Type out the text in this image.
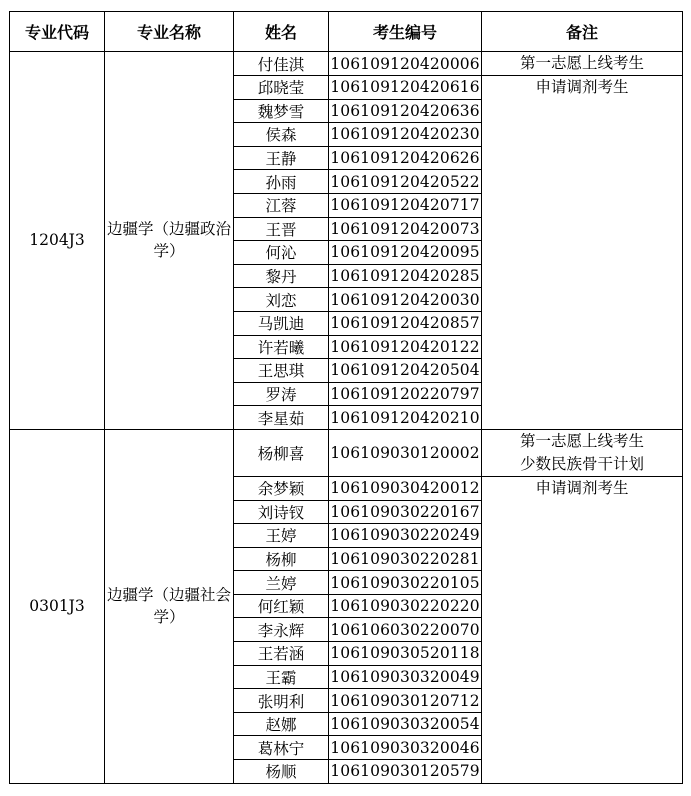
专业代码	专业名称	姓名	考生编号	备注
1204J3	边疆学（边疆政治学）	付佳淇	106109120420006	第一志愿上线考生
		邱晓莹	106109120420616	申请调剂考生
		魏梦雪	106109120420636	
		侯森	106109120420230	
		王静	106109120420626	
		孙雨	106109120420522	
		江蓉	106109120420717	
		王晋	106109120420073	
		何沁	106109120420095	
		黎丹	106109120420285	
		刘恋	106109120420030	
		马凯迪	106109120420857	
		许若曦	106109120420122	
		王思琪	106109120420504	
		罗涛	106109120220797	
		李星茹	106109120420210	
0301J3	边疆学（边疆社会学）	杨柳喜	106109030120002	第一志愿上线考生
少数民族骨干计划

		余梦颖	106109030420012	申请调剂考生
		刘诗钗	106109030220167	
		王婷	106109030220249	
		杨柳	106109030220281	
		兰婷	106109030220105	
		何红颖	106109030220220	
		李永辉	106106030220070	
		王若涵	106109030520118	
		王霸	106109030320049	
		张明利	106109030120712	
		赵娜	106109030320054	
		葛林宁	106109030320046	
		杨顺	106109030120579	
